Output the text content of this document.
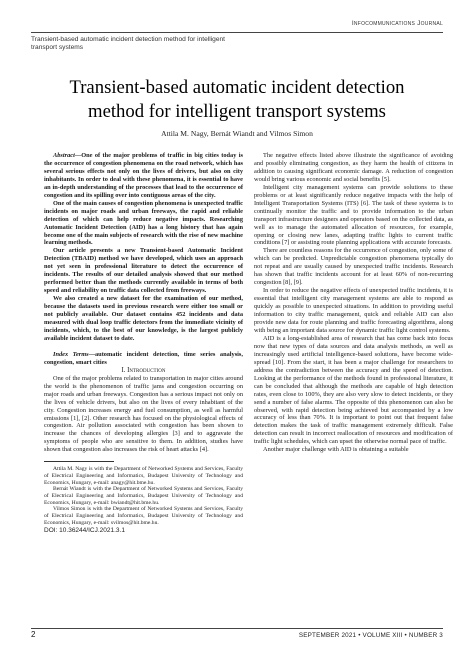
Infocommunications Journal
Transient-based automatic incident detection method for intelligent transport systems
Transient-based automatic incident detection method for intelligent transport systems
Attila M. Nagy, Bernát Wiandt and Vilmos Simon

Abstract—One of the major problems of traffic in big cities today is the occurrence of congestion phenomena on the road network, which has several serious effects not only on the lives of drivers, but also on city inhabitants. In order to deal with these phenomena, it is essential to have an in-depth understanding of the processes that lead to the occurrence of congestion and its spilling over into contiguous areas of the city.

One of the main causes of congestion phenomena is unexpected traffic incidents on major roads and urban freeways, the rapid and reliable detection of which can help reduce negative impacts. Researching Automatic Incident Detection (AID) has a long history that has again become one of the main subjects of research with the rise of new machine learning methods.

Our article presents a new Transient-based Automatic Incident Detection (TBAID) method we have developed, which uses an approach not yet seen in professional literature to detect the occurrence of incidents. The results of our detailed analysis showed that our method performed better than the methods currently available in terms of both speed and reliability on traffic data collected from freeways.

We also created a new dataset for the examination of our method, because the datasets used in previous research were either too small or not publicly available. Our dataset contains 452 incidents and data measured with dual loop traffic detectors from the immediate vicinity of incidents, which, to the best of our knowledge, is the largest publicly available incident dataset to date.

Index Terms—automatic incident detection, time series analysis, congestion, smart cities

I. Introduction

One of the major problems related to transportation in major cities around the world is the phenomenon of traffic jams and congestion occurring on major roads and urban freeways. Congestion has a serious impact not only on the lives of vehicle drivers, but also on the lives of every inhabitant of the city. Congestion increases energy and fuel consumption, as well as harmful emissions [1], [2]. Other research has focused on the physiological effects of congestion. Air pollution associated with congestion has been shown to increase the chances of developing allergies [3] and to aggravate the symptoms of people who are sensitive to them. In addition, studies have shown that congestion also increases the risk of heart attacks [4].

Attila M. Nagy is with the Department of Networked Systems and Services, Faculty of Electrical Engineering and Informatics, Budapest University of Technology and Economics, Hungary, e-mail: anagy@hit.bme.hu.

Bernát Wiandt is with the Department of Networked Systems and Services, Faculty of Electrical Engineering and Informatics, Budapest University of Technology and Economics, Hungary, e-mail: bwiandt@hit.bme.hu.

Vilmos Simon is with the Department of Networked Systems and Services, Faculty of Electrical Engineering and Informatics, Budapest University of Technology and Economics, Hungary, e-mail: svilmos@hit.bme.hu.

DOI: 10.36244/ICJ.2021.3.1

The negative effects listed above illustrate the significance of avoiding and possibly eliminating congestion, as they harm the health of citizens in addition to causing significant economic damage. A reduction of congestion would bring various economic and social benefits [5].

Intelligent city management systems can provide solutions to these problems or at least significantly reduce negative impacts with the help of Intelligent Transportation Systems (ITS) [6]. The task of these systems is to continually monitor the traffic and to provide information to the urban transport infrastructure designers and operators based on the collected data, as well as to manage the automated allocation of resources, for example, opening or closing new lanes, adapting traffic lights to current traffic conditions [7] or assisting route planning applications with accurate forecasts.

There are countless reasons for the occurrence of congestion, only some of which can be predicted. Unpredictable congestion phenomena typically do not repeat and are usually caused by unexpected traffic incidents. Research has shown that traffic incidents account for at least 60% of non-recurring congestion [8], [9].

In order to reduce the negative effects of unexpected traffic incidents, it is essential that intelligent city management systems are able to respond as quickly as possible to unexpected situations. In addition to providing useful information to city traffic management, quick and reliable AID can also provide new data for route planning and traffic forecasting algorithms, along with being an important data source for dynamic traffic light control systems.

AID is a long-established area of research that has come back into focus now that new types of data sources and data analysis methods, as well as increasingly used artificial intelligence-based solutions, have become wide-spread [10]. From the start, it has been a major challenge for researchers to address the contradiction between the accuracy and the speed of detection. Looking at the performance of the methods found in professional literature, it can be concluded that although the methods are capable of high detection rates, even close to 100%, they are also very slow to detect incidents, or they send a number of false alarms. The opposite of this phenomenon can also be observed, with rapid detection being achieved but accompanied by a low accuracy of less than 70%. It is important to point out that frequent false detection makes the task of traffic management extremely difficult. False detection can result in incorrect reallocation of resources and modification of traffic light schedules, which can upset the otherwise normal pace of traffic.

Another major challenge with AID is obtaining a suitable

2	SEPTEMBER 2021 • VOLUME XIII • NUMBER 3
